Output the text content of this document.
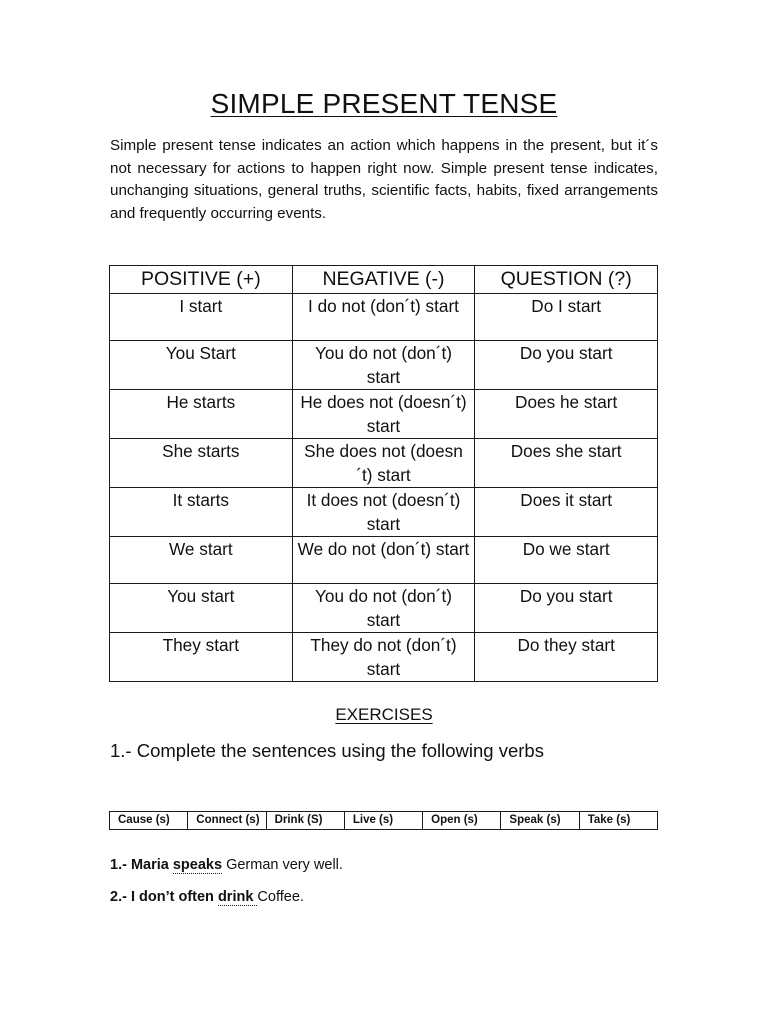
SIMPLE PRESENT TENSE
Simple present tense indicates an action which happens in the present, but it´s not necessary for actions to happen right now. Simple present tense indicates, unchanging situations, general truths, scientific facts, habits, fixed arrangements and frequently occurring events.
POSITIVE (+)	NEGATIVE (-)	QUESTION (?)
I start	I do not (don´t) start	Do I start
You Start	You do not (don´t) start	Do you start
He starts	He does not (doesn´t) start	Does he start
She starts	She does not (doesn´t) start	Does she start
It starts	It does not (doesn´t) start	Does it start
We start	We do not (don´t) start	Do we start
You start	You do not (don´t) start	Do you start
They start	They do not (don´t) start	Do they start
EXERCISES
1.- Complete the sentences using the following verbs
Cause (s)	Connect (s)	Drink (S)	Live (s)	Open (s)	Speak (s)	Take (s)
1.- Maria speaks German very well.
2.- I don’t often drink Coffee.
